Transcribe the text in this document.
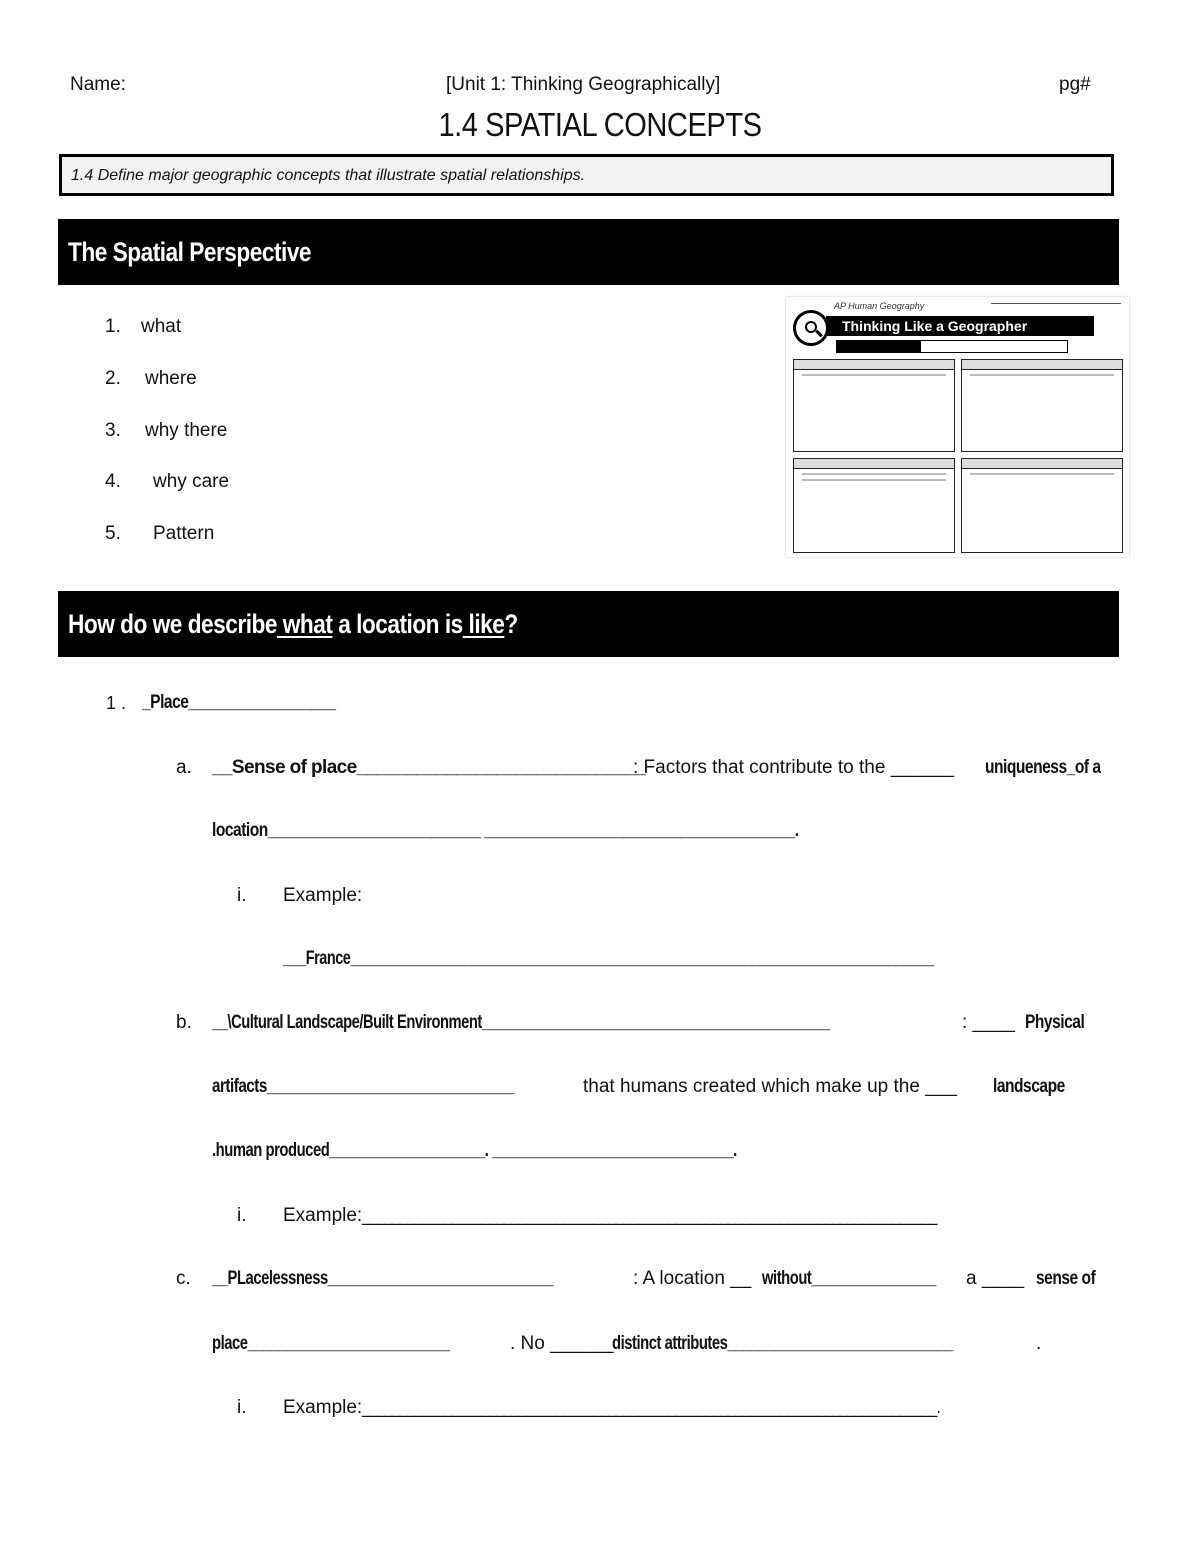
Name:	[Unit 1: Thinking Geographically]	pg#
1.4 SPATIAL CONCEPTS
1.4 Define major geographic concepts that illustrate spatial relationships.
The Spatial Perspective
1. what
2. where
3. why there
4. why care
5. Pattern
AP Human Geography
Thinking Like a Geographer
How do we describe what a location is like?
1 . _Place__________________
a. __Sense of place_____________________________
: Factors that contribute to the ______ uniqueness_of a
location__________________________ ______________________________________.
i. Example:
___France_____________________________________________________________________________
b. __\Cultural Landscape/Built Environment_____________________________________________	: ____ Physical
artifacts_______________________________	that humans created which make up the ___ landscape
.human produced____________________. _______________________________.
i. Example:_____________________________________________________________________________
c. __PLacelessness_____________________________	: A location __ without________________	a ____ sense of
place__________________________	. No ______
distinct attributes_____________________________	.
i. Example:_____________________________________________________________________________.
